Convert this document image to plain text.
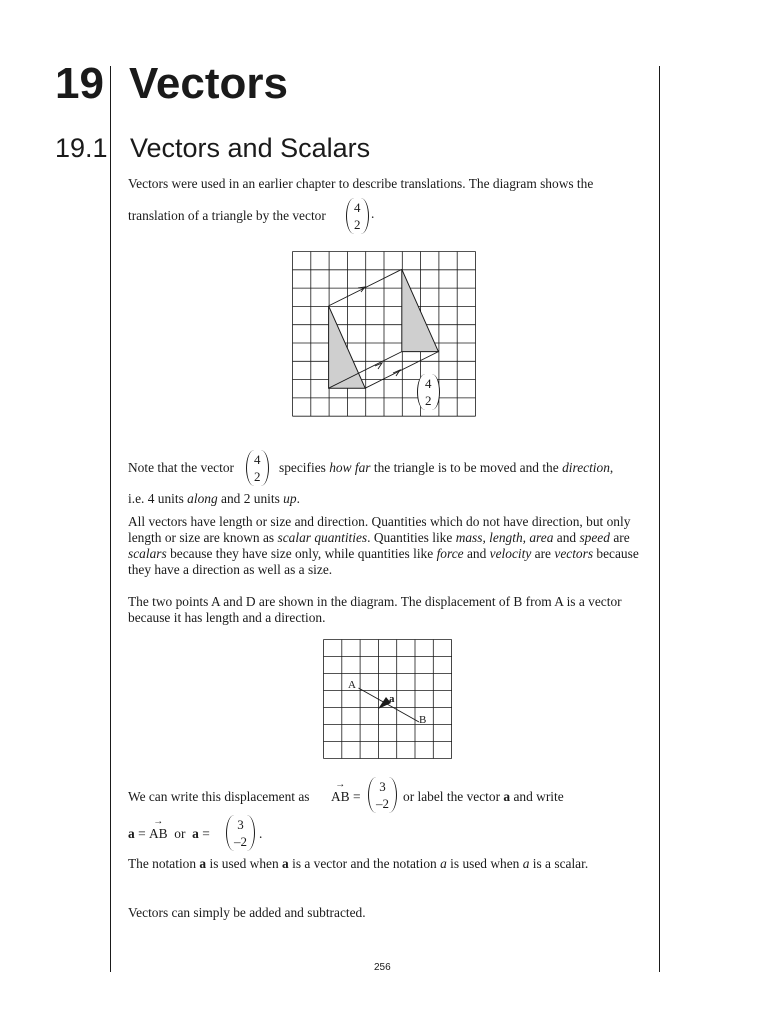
19 Vectors
19.1 Vectors and Scalars
Vectors were used in an earlier chapter to describe translations. The diagram shows the
translation of a triangle by the vector
4
2
.
4
2
Note that the vector
4
2
specifies how far the triangle is to be moved and the direction,
i.e. 4 units along and 2 units up.
All vectors have length or size and direction. Quantities which do not have direction, but only length or size are known as scalar quantities. Quantities like mass, length, area and speed are scalars because they have size only, while quantities like force and velocity are vectors because they have a direction as well as a size.
The two points A and D are shown in the diagram. The displacement of B from A is a vector because it has length and a direction.
A
B
a
We can write this displacement as
→
AB =
3
–2 or label the vector a and write
a =
→
AB or a =
3
–2
.
The notation a is used when a is a vector and the notation a is used when a is a scalar.
Vectors can simply be added and subtracted.
256
